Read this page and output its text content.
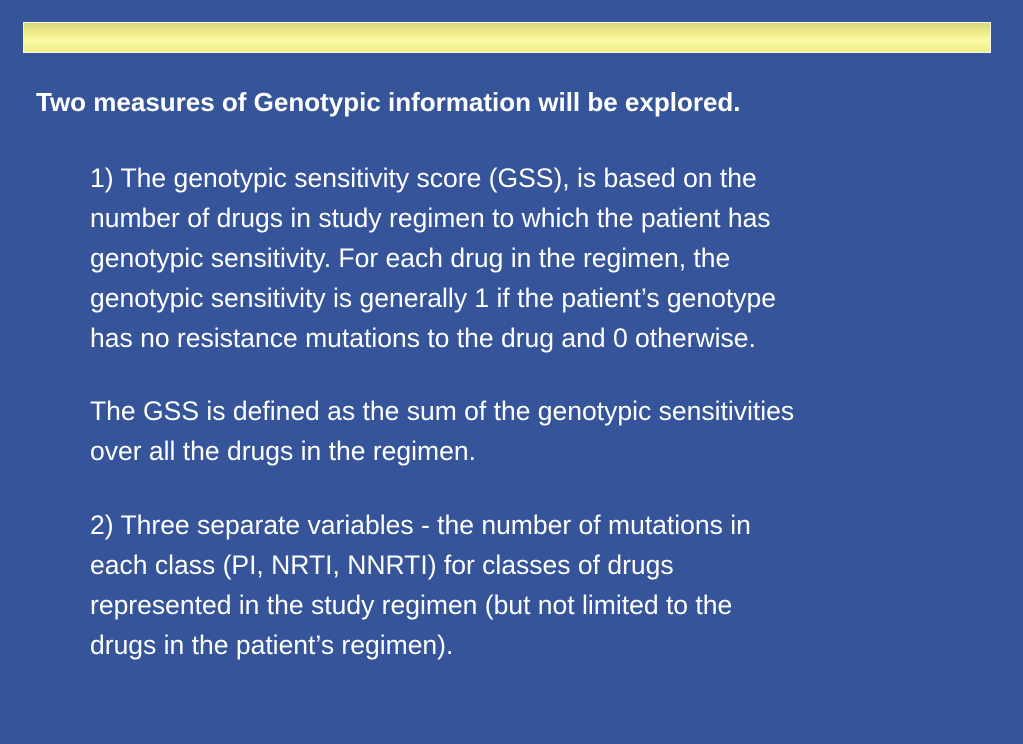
Two measures of Genotypic information will be explored.

1) The genotypic sensitivity score (GSS), is based on the
number of drugs in study regimen to which the patient has
genotypic sensitivity. For each drug in the regimen, the
genotypic sensitivity is generally 1 if the patient’s genotype
has no resistance mutations to the drug and 0 otherwise.

The GSS is defined as the sum of the genotypic sensitivities
over all the drugs in the regimen.

2) Three separate variables - the number of mutations in
each class (PI, NRTI, NNRTI) for classes of drugs
represented in the study regimen (but not limited to the
drugs in the patient’s regimen).
